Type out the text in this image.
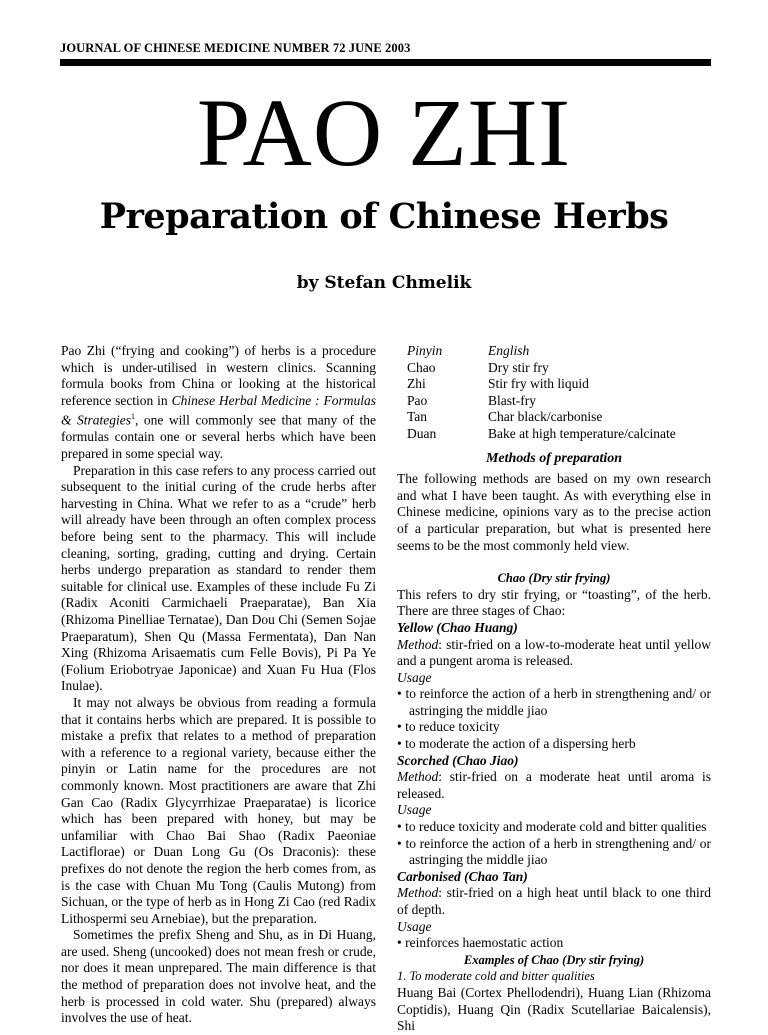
JOURNAL OF CHINESE MEDICINE NUMBER 72 JUNE 2003
PAO ZHI
Preparation of Chinese Herbs
by Stefan Chmelik

Pao Zhi (“frying and cooking”) of herbs is a procedure which is under-utilised in western clinics. Scanning formula books from China or looking at the historical reference section in Chinese Herbal Medicine : Formulas & Strategies$^1$, one will commonly see that many of the formulas contain one or several herbs which have been prepared in some special way.

Preparation in this case refers to any process carried out subsequent to the initial curing of the crude herbs after harvesting in China. What we refer to as a “crude” herb will already have been through an often complex process before being sent to the pharmacy. This will include cleaning, sorting, grading, cutting and drying. Certain herbs undergo preparation as standard to render them suitable for clinical use. Examples of these include Fu Zi (Radix Aconiti Carmichaeli Praeparatae), Ban Xia (Rhizoma Pinelliae Ternatae), Dan Dou Chi (Semen Sojae Praeparatum), Shen Qu (Massa Fermentata), Dan Nan Xing (Rhizoma Arisaematis cum Felle Bovis), Pi Pa Ye (Folium Eriobotryae Japonicae) and Xuan Fu Hua (Flos Inulae).

It may not always be obvious from reading a formula that it contains herbs which are prepared. It is possible to mistake a prefix that relates to a method of preparation with a reference to a regional variety, because either the pinyin or Latin name for the procedures are not commonly known. Most practitioners are aware that Zhi Gan Cao (Radix Glycyrrhizae Praeparatae) is licorice which has been prepared with honey, but may be unfamiliar with Chao Bai Shao (Radix Paeoniae Lactiflorae) or Duan Long Gu (Os Draconis): these prefixes do not denote the region the herb comes from, as is the case with Chuan Mu Tong (Caulis Mutong) from Sichuan, or the type of herb as in Hong Zi Cao (red Radix Lithospermi seu Arnebiae), but the preparation.

Sometimes the prefix Sheng and Shu, as in Di Huang, are used. Sheng (uncooked) does not mean fresh or crude, nor does it mean unprepared. The main difference is that the method of preparation does not involve heat, and the herb is processed in cold water. Shu (prepared) always involves the use of heat.

Pinyin	English
Chao	Dry stir fry
Zhi	Stir fry with liquid
Pao	Blast-fry
Tan	Char black/carbonise
Duan	Bake at high temperature/calcinate
Methods of preparation

The following methods are based on my own research and what I have been taught. As with everything else in Chinese medicine, opinions vary as to the precise action of a particular preparation, but what is presented here seems to be the most commonly held view.

Chao (Dry stir frying)

This refers to dry stir frying, or “toasting”, of the herb. There are three stages of Chao:

Yellow (Chao Huang)

Method: stir-fried on a low-to-moderate heat until yellow and a pungent aroma is released.

Usage

• to reinforce the action of a herb in strengthening and/ or astringing the middle jiao

• to reduce toxicity

• to moderate the action of a dispersing herb

Scorched (Chao Jiao)

Method: stir-fried on a moderate heat until aroma is released.

Usage

• to reduce toxicity and moderate cold and bitter qualities

• to reinforce the action of a herb in strengthening and/ or astringing the middle jiao

Carbonised (Chao Tan)

Method: stir-fried on a high heat until black to one third of depth.

Usage

• reinforces haemostatic action

Examples of Chao (Dry stir frying)
1. To moderate cold and bitter qualities

Huang Bai (Cortex Phellodendri), Huang Lian (Rhizoma Coptidis), Huang Qin (Radix Scutellariae Baicalensis), Shi
